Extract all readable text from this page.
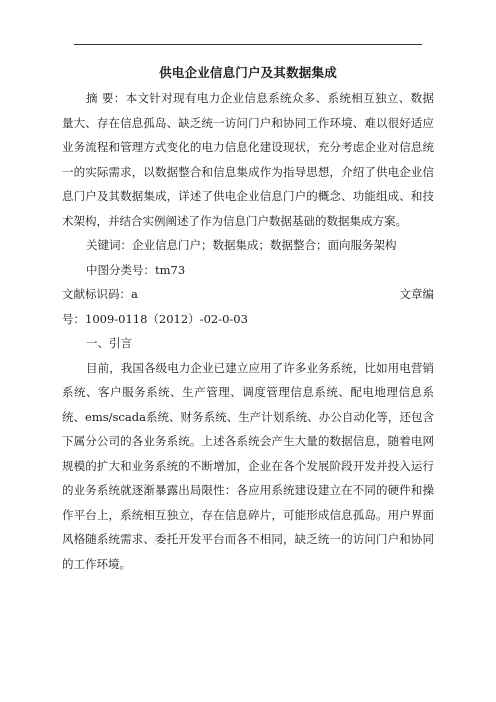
供电企业信息门户及其数据集成

摘 要：本文针对现有电力企业信息系统众多、系统相互独立、数据量大、存在信息孤岛、缺乏统一访问门户和协同工作环境、难以很好适应业务流程和管理方式变化的电力信息化建设现状，充分考虑企业对信息统一的实际需求，以数据整合和信息集成作为指导思想，介绍了供电企业信息门户及其数据集成，详述了供电企业信息门户的概念、功能组成、和技术架构，并结合实例阐述了作为信息门户数据基础的数据集成方案。

关键词：企业信息门户；数据集成；数据整合；面向服务架构

中图分类号：tm73

文献标识码：a	文章编

号：1009-0118（2012）-02-0-03

一、引言

目前，我国各级电力企业已建立应用了许多业务系统，比如用电营销系统、客户服务系统、生产管理、调度管理信息系统、配电地理信息系统、ems/scada系统、财务系统、生产计划系统、办公自动化等，还包含下属分公司的各业务系统。上述各系统会产生大量的数据信息，随着电网规模的扩大和业务系统的不断增加，企业在各个发展阶段开发并投入运行的业务系统就逐渐暴露出局限性：各应用系统建设建立在不同的硬件和操作平台上，系统相互独立，存在信息碎片，可能形成信息孤岛。用户界面风格随系统需求、委托开发平台而各不相同，缺乏统一的访问门户和协同的工作环境。
